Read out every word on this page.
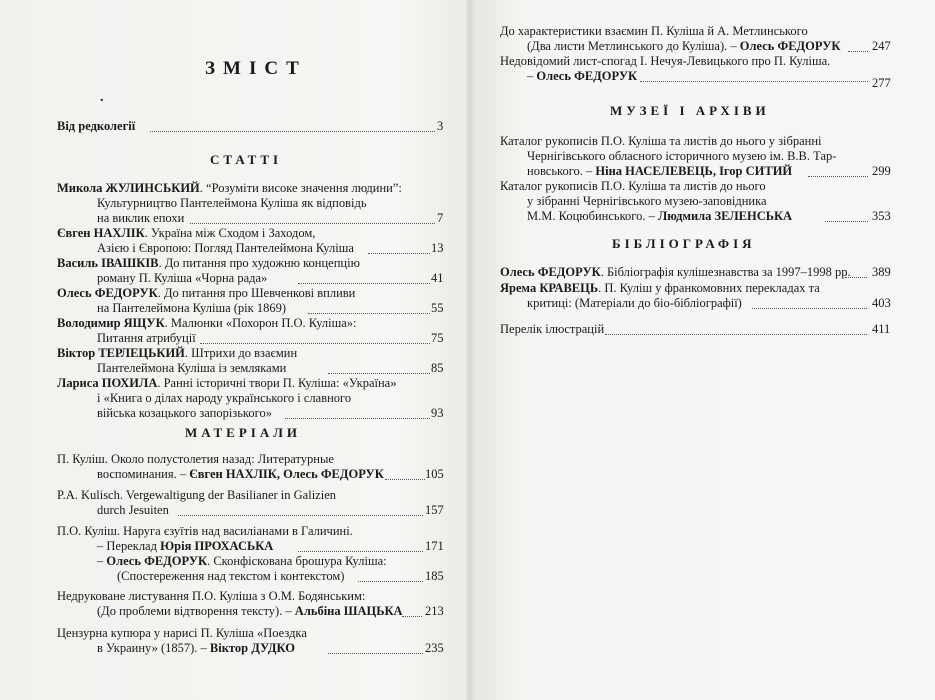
ЗМІСТ
.
Від редколегії	3
СТАТТІ
Микола ЖУЛИНСЬКИЙ. “Розуміти високе значення людини”:
Культурництво Пантелеймона Куліша як відповідь
на виклик епохи	7
Євген НАХЛІК. Україна між Сходом і Заходом,
Азією і Європою: Погляд Пантелеймона Куліша	13
Василь ІВАШКІВ. До питання про художню концепцію
роману П. Куліша «Чорна рада»	41
Олесь ФЕДОРУК. До питання про Шевченкові впливи
на Пантелеймона Куліша (рік 1869)	55
Володимир ЯЩУК. Малюнки «Похорон П.О. Куліша»:
Питання атрибуції	75
Віктор ТЕРЛЕЦЬКИЙ. Штрихи до взаємин
Пантелеймона Куліша із земляками	85
Лариса ПОХИЛА. Ранні історичні твори П. Куліша: «Україна»
і «Книга о ділах народу українського і славного
війська козацького запорізького»	93
МАТЕРІАЛИ
П. Куліш. Около полустолетия назад: Литературные
воспоминания. – Євген НАХЛІК, Олесь ФЕДОРУК	105
P.A. Kulisch. Vergewaltigung der Basilianer in Galizien
durch Jesuiten	157
П.О. Куліш. Наруга єзуїтів над василіанами в Галичині.
– Переклад Юрія ПРОХАСЬКА	171
– Олесь ФЕДОРУК. Сконфіскована брошура Куліша:
(Спостереження над текстом і контекстом)	185
Недруковане листування П.О. Куліша з О.М. Бодянським:
(До проблеми відтворення тексту). – Альбіна ШАЦЬКА 213
Цензурна купюра у нарисі П. Куліша «Поездка
в Украину» (1857). – Віктор ДУДКО	235
До характеристики взаємин П. Куліша й А. Метлинського
(Два листи Метлинського до Куліша). – Олесь ФЕДОРУК	247
Недовідомий лист-спогад І. Нечуя-Левицького про П. Куліша.
– Олесь ФЕДОРУК	277
МУЗЕЇ І АРХІВИ
Каталог рукописів П.О. Куліша та листів до нього у зібранні
Чернігівського обласного історичного музею ім. В.В. Тар-
новського. – Ніна НАСЕЛЕВЕЦЬ, Ігор СИТИЙ	299
Каталог рукописів П.О. Куліша та листів до нього
у зібранні Чернігівського музею-заповідника
М.М. Коцюбинського. – Людмила ЗЕЛЕНСЬКА	353
БІБЛІОГРАФІЯ
Олесь ФЕДОРУК. Бібліографія кулішезнавства за 1997–1998 рр. 389
Ярема КРАВЕЦЬ. П. Куліш у франкомовних перекладах та
критиці: (Матеріали до біо-бібліографії)	403
Перелік ілюстрацій	411
